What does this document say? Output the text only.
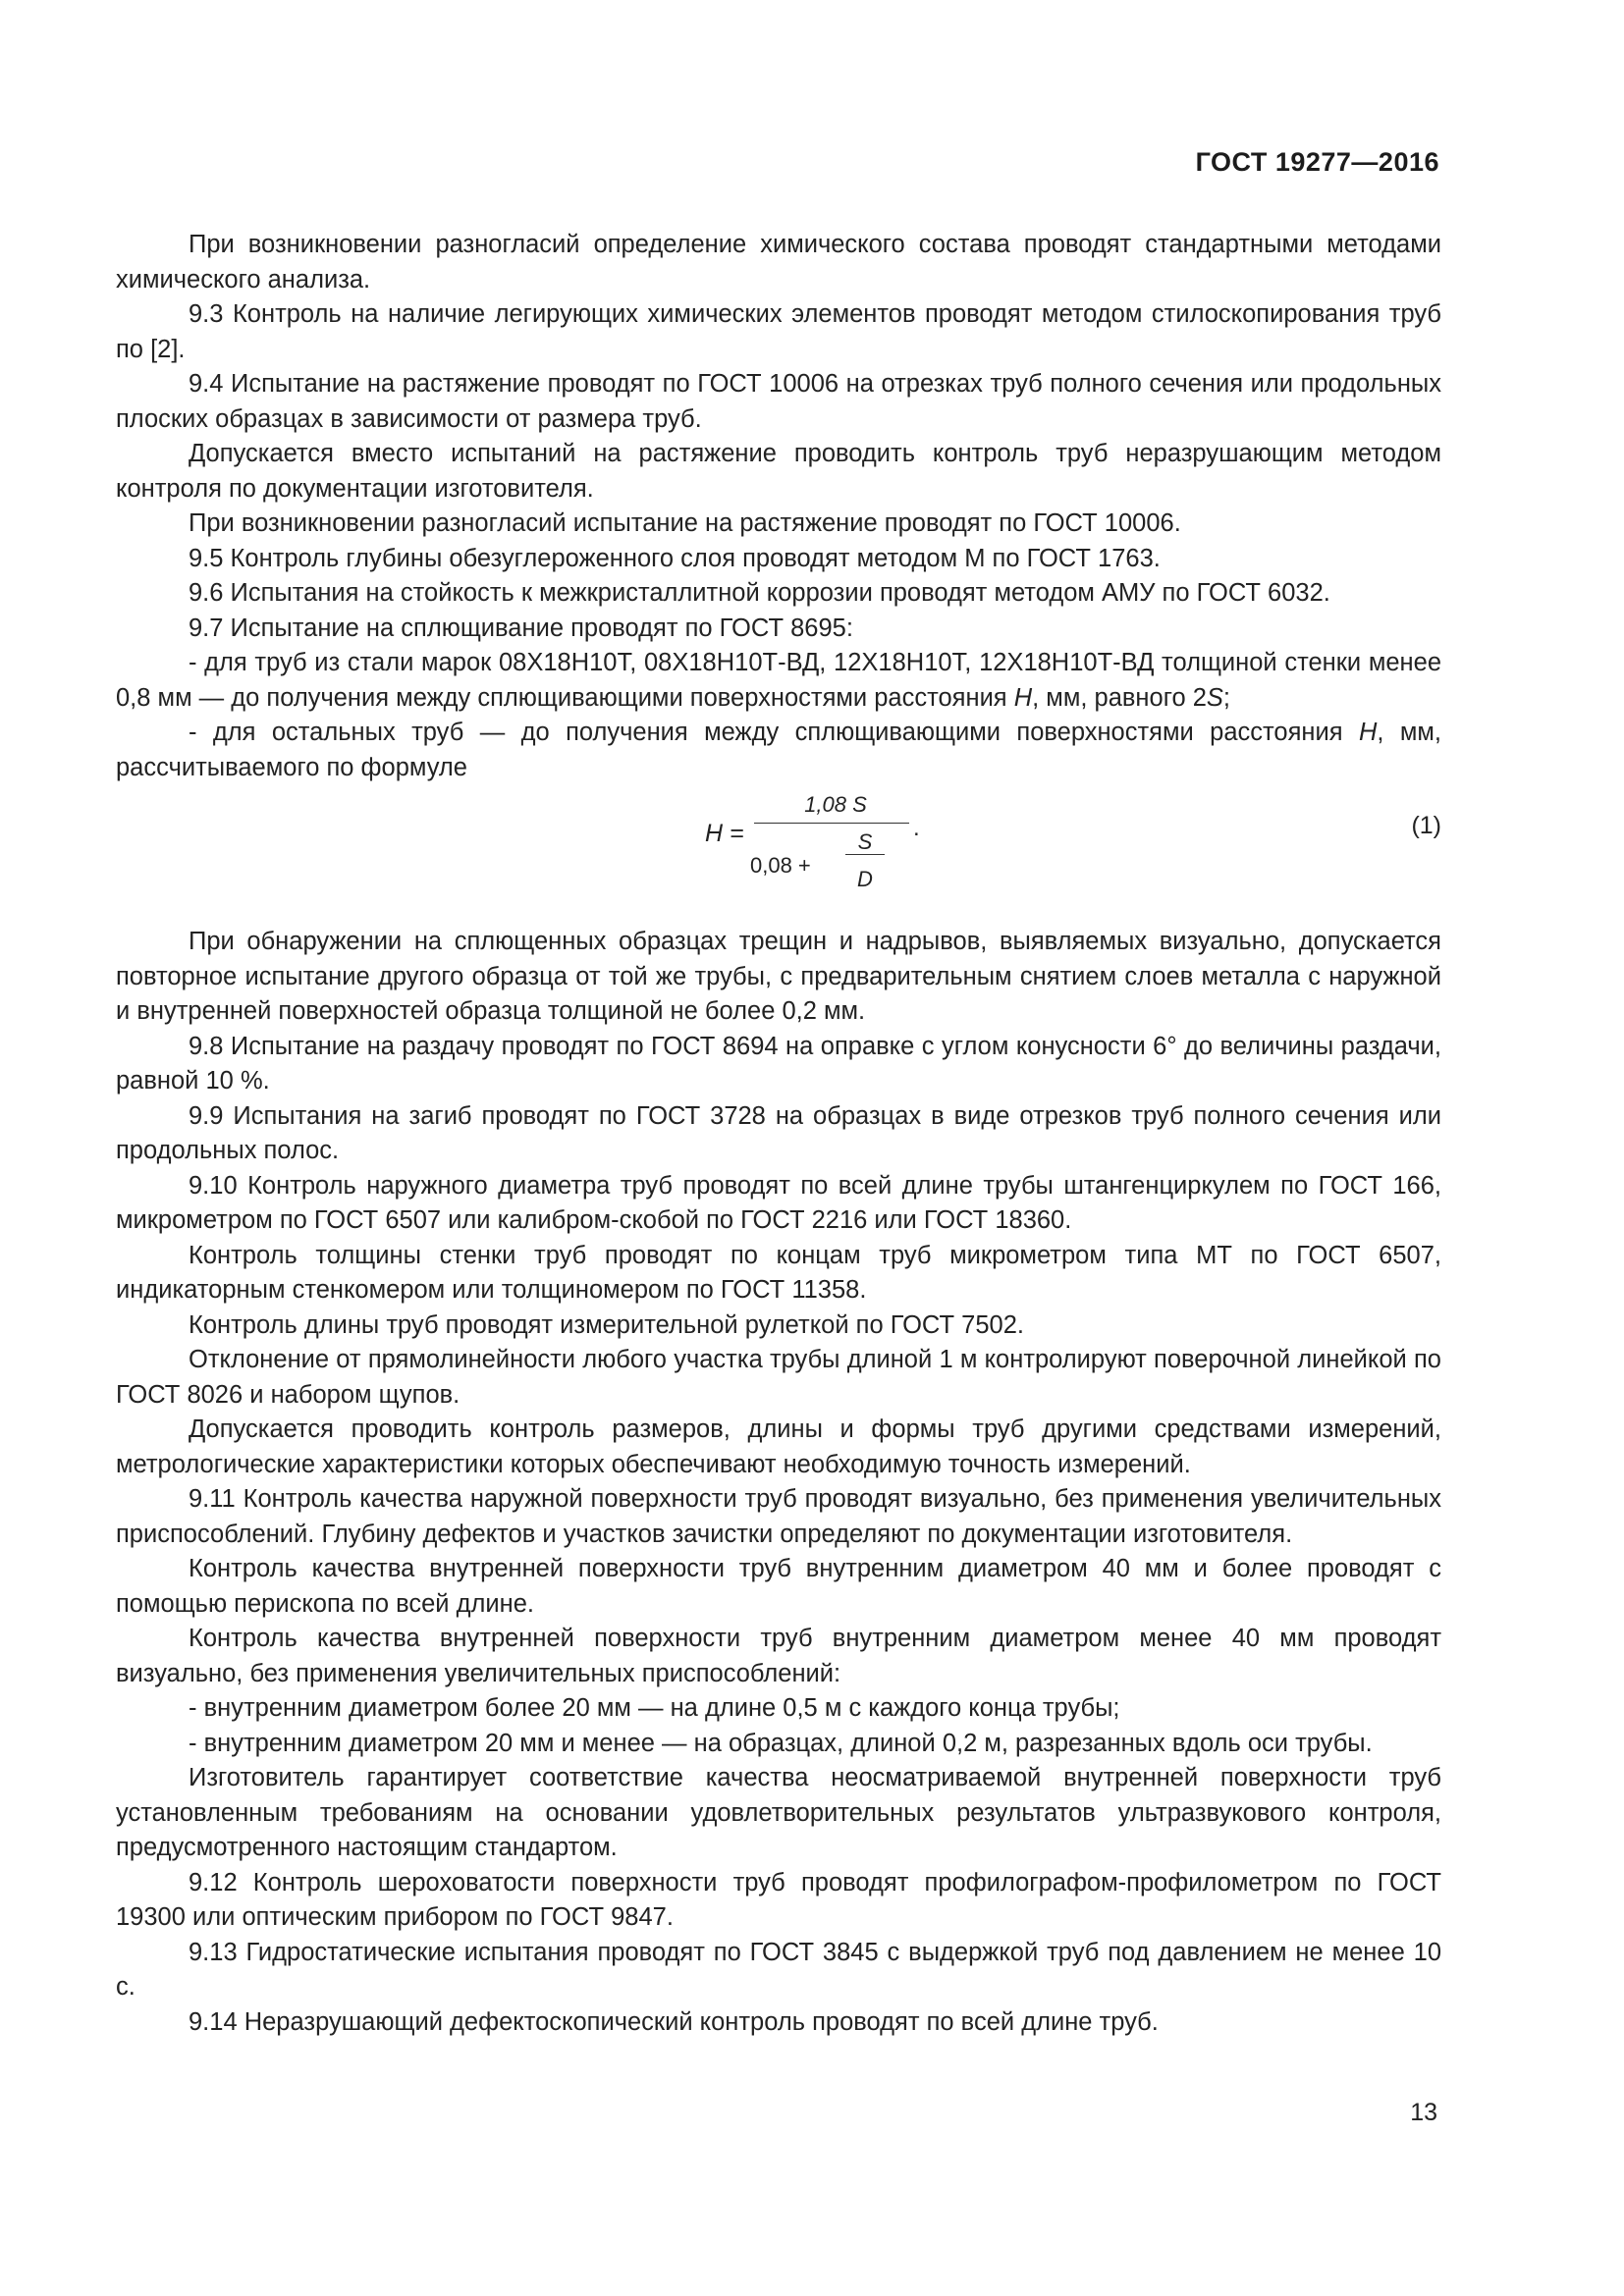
ГОСТ 19277—2016

При возникновении разногласий определение химического состава проводят стандартными методами химического анализа.

9.3 Контроль на наличие легирующих химических элементов проводят методом стилоскопирования труб по [2].

9.4 Испытание на растяжение проводят по ГОСТ 10006 на отрезках труб полного сечения или продольных плоских образцах в зависимости от размера труб.

Допускается вместо испытаний на растяжение проводить контроль труб неразрушающим методом контроля по документации изготовителя.

При возникновении разногласий испытание на растяжение проводят по ГОСТ 10006.

9.5 Контроль глубины обезуглероженного слоя проводят методом М по ГОСТ 1763.

9.6 Испытания на стойкость к межкристаллитной коррозии проводят методом АМУ по ГОСТ 6032.

9.7 Испытание на сплющивание проводят по ГОСТ 8695:

- для труб из стали марок 08Х18Н10Т, 08Х18Н10Т-ВД, 12Х18Н10Т, 12Х18Н10Т-ВД толщиной стенки менее 0,8 мм — до получения между сплющивающими поверхностями расстояния Н, мм, равного 2S;

- для остальных труб — до получения между сплющивающими поверхностями расстояния Н, мм, рассчитываемого по формуле

H =
1,08 S
0,08 +
S
D
.	(1)

При обнаружении на сплющенных образцах трещин и надрывов, выявляемых визуально, допускается повторное испытание другого образца от той же трубы, с предварительным снятием слоев металла с наружной и внутренней поверхностей образца толщиной не более 0,2 мм.

9.8 Испытание на раздачу проводят по ГОСТ 8694 на оправке с углом конусности 6° до величины раздачи, равной 10 %.

9.9 Испытания на загиб проводят по ГОСТ 3728 на образцах в виде отрезков труб полного сечения или продольных полос.

9.10 Контроль наружного диаметра труб проводят по всей длине трубы штангенциркулем по ГОСТ 166, микрометром по ГОСТ 6507 или калибром-скобой по ГОСТ 2216 или ГОСТ 18360.

Контроль толщины стенки труб проводят по концам труб микрометром типа МТ по ГОСТ 6507, индикаторным стенкомером или толщиномером по ГОСТ 11358.

Контроль длины труб проводят измерительной рулеткой по ГОСТ 7502.

Отклонение от прямолинейности любого участка трубы длиной 1 м контролируют поверочной линейкой по ГОСТ 8026 и набором щупов.

Допускается проводить контроль размеров, длины и формы труб другими средствами измерений, метрологические характеристики которых обеспечивают необходимую точность измерений.

9.11 Контроль качества наружной поверхности труб проводят визуально, без применения увеличительных приспособлений. Глубину дефектов и участков зачистки определяют по документации изготовителя.

Контроль качества внутренней поверхности труб внутренним диаметром 40 мм и более проводят с помощью перископа по всей длине.

Контроль качества внутренней поверхности труб внутренним диаметром менее 40 мм проводят визуально, без применения увеличительных приспособлений:

- внутренним диаметром более 20 мм — на длине 0,5 м с каждого конца трубы;

- внутренним диаметром 20 мм и менее — на образцах, длиной 0,2 м, разрезанных вдоль оси трубы.

Изготовитель гарантирует соответствие качества неосматриваемой внутренней поверхности труб установленным требованиям на основании удовлетворительных результатов ультразвукового контроля, предусмотренного настоящим стандартом.

9.12 Контроль шероховатости поверхности труб проводят профилографом-профилометром по ГОСТ 19300 или оптическим прибором по ГОСТ 9847.

9.13 Гидростатические испытания проводят по ГОСТ 3845 с выдержкой труб под давлением не менее 10 с.

9.14 Неразрушающий дефектоскопический контроль проводят по всей длине труб.

13
